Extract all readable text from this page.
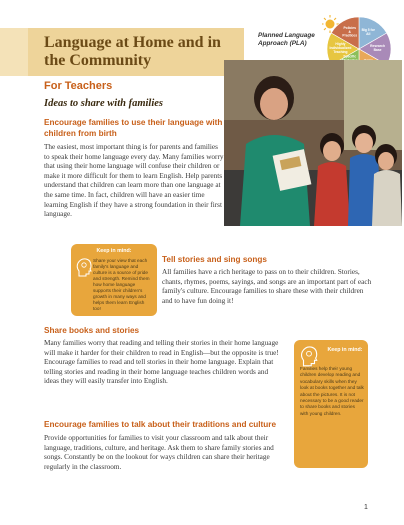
Language at Home and in the Community
Planned Language Approach (PLA)
Big 5 for All
Research Base
Specific
Highly Individualized Teaching
Policies & Practices
For Teachers
Ideas to share with families
Encourage families to use their language with children from birth

The easiest, most important thing is for parents and families to speak their home language every day. Many families worry that using their home language will confuse their children or make it more difficult for them to learn English. Help parents understand that children can learn more than one language at the same time. In fact, children will have an easier time learning English if they have a strong foundation in their first language.

Keep in mind:
Share your view that each family's language and culture is a source of pride and strength. Remind them how home language supports their children's growth in many ways and helps them learn English too!
Tell stories and sing songs

All families have a rich heritage to pass on to their children. Stories, chants, rhymes, poems, sayings, and songs are an important part of each family's culture. Encourage families to share these with their children and to have fun doing it!

Share books and stories

Many families worry that reading and telling their stories in their home language will make it harder for their children to read in English—but the opposite is true! Encourage families to read and tell stories in their home language. Explain that telling stories and reading in their home language teaches children words and ideas they will easily transfer into English.

Keep in mind:
Families help their young children develop reading and vocabulary skills when they look at books together and talk about the pictures. It is not necessary to be a good reader to share books and stories with young children.
Encourage families to talk about their traditions and culture

Provide opportunities for families to visit your classroom and talk about their language, traditions, culture, and heritage. Ask them to share family stories and songs. Constantly be on the lookout for ways children can share their heritage regularly in the classroom.

1
